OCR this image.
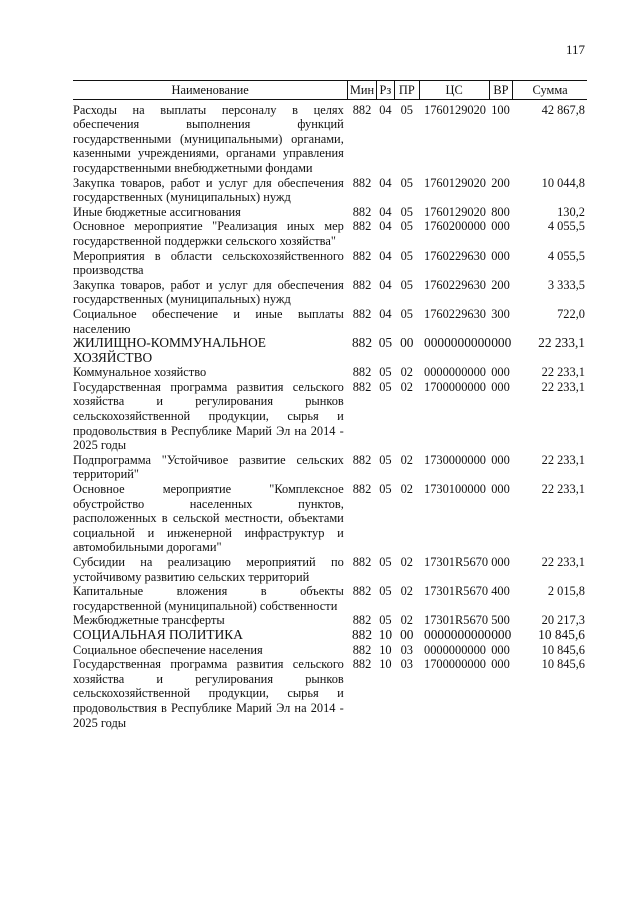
117
Наименование	Мин	Рз	ПР	ЦС	ВР	Сумма
Расходы на выплаты персоналу в целях обеспечения выполнения функций государственными (муниципальными) органами, казенными учреждениями, органами управления государственными внебюджетными фондами	882	04	05	1760129020	100	42 867,8
Закупка товаров, работ и услуг для обеспечения государственных (муниципальных) нужд	882	04	05	1760129020	200	10 044,8
Иные бюджетные ассигнования	882	04	05	1760129020	800	130,2
Основное мероприятие "Реализация иных мер государственной поддержки сельского хозяйства"	882	04	05	1760200000	000	4 055,5
Мероприятия в области сельскохозяйственного производства	882	04	05	1760229630	000	4 055,5
Закупка товаров, работ и услуг для обеспечения государственных (муниципальных) нужд	882	04	05	1760229630	200	3 333,5
Социальное обеспечение и иные выплаты населению	882	04	05	1760229630	300	722,0
ЖИЛИЩНО-КОММУНАЛЬНОЕ ХОЗЯЙСТВО	882	05	00	0000000000	000	22 233,1
Коммунальное хозяйство	882	05	02	0000000000	000	22 233,1
Государственная программа развития сельского хозяйства и регулирования рынков сельскохозяйственной продукции, сырья и продовольствия в Республике Марий Эл на 2014 - 2025 годы	882	05	02	1700000000	000	22 233,1
Подпрограмма "Устойчивое развитие сельских территорий"	882	05	02	1730000000	000	22 233,1
Основное мероприятие "Комплексное обустройство населенных пунктов, расположенных в сельской местности, объектами социальной и инженерной инфраструктур и автомобильными дорогами"	882	05	02	1730100000	000	22 233,1
Субсидии на реализацию мероприятий по устойчивому развитию сельских территорий	882	05	02	17301R5670	000	22 233,1
Капитальные вложения в объекты государственной (муниципальной) собственности	882	05	02	17301R5670	400	2 015,8
Межбюджетные трансферты	882	05	02	17301R5670	500	20 217,3
СОЦИАЛЬНАЯ ПОЛИТИКА	882	10	00	0000000000	000	10 845,6
Социальное обеспечение населения	882	10	03	0000000000	000	10 845,6
Государственная программа развития сельского хозяйства и регулирования рынков сельскохозяйственной продукции, сырья и продовольствия в Республике Марий Эл на 2014 - 2025 годы	882	10	03	1700000000	000	10 845,6
